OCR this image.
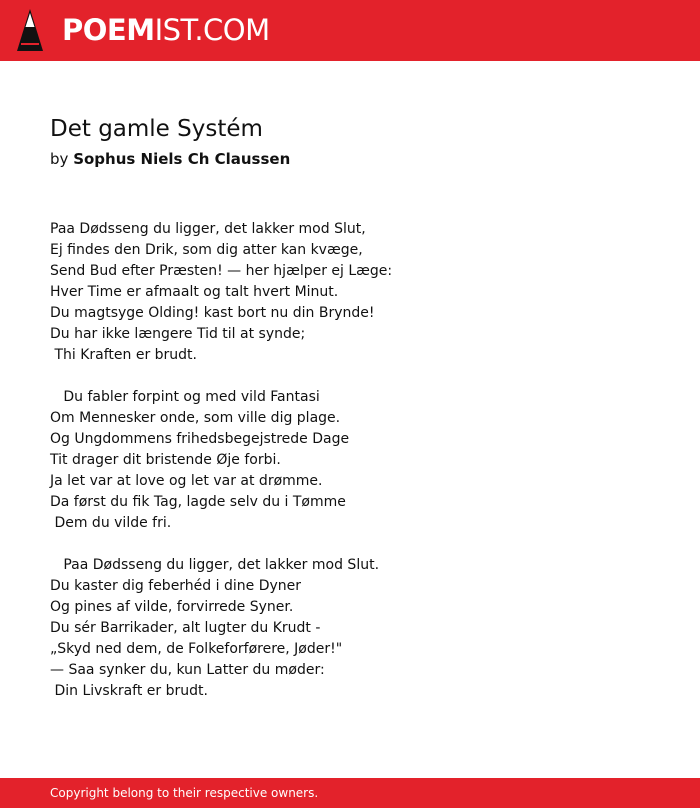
POEMIST.COM
Det gamle Systém
by Sophus Niels Ch Claussen
Paa Dødsseng du ligger, det lakker mod Slut,
Ej findes den Drik, som dig atter kan kvæge,
Send Bud efter Præsten! — her hjælper ej Læge:
Hver Time er afmaalt og talt hvert Minut.
Du magtsyge Olding! kast bort nu din Brynde!
Du har ikke længere Tid til at synde;
Thi Kraften er brudt.
Du fabler forpint og med vild Fantasi
Om Mennesker onde, som ville dig plage.
Og Ungdommens frihedsbegejstrede Dage
Tit drager dit bristende Øje forbi.
Ja let var at love og let var at drømme.
Da først du fik Tag, lagde selv du i Tømme
Dem du vilde fri.
Paa Dødsseng du ligger, det lakker mod Slut.
Du kaster dig feberhéd i dine Dyner
Og pines af vilde, forvirrede Syner.
Du sér Barrikader, alt lugter du Krudt -
„Skyd ned dem, de Folkeforførere, Jøder!"
— Saa synker du, kun Latter du møder:
Din Livskraft er brudt.
Copyright belong to their respective owners.
